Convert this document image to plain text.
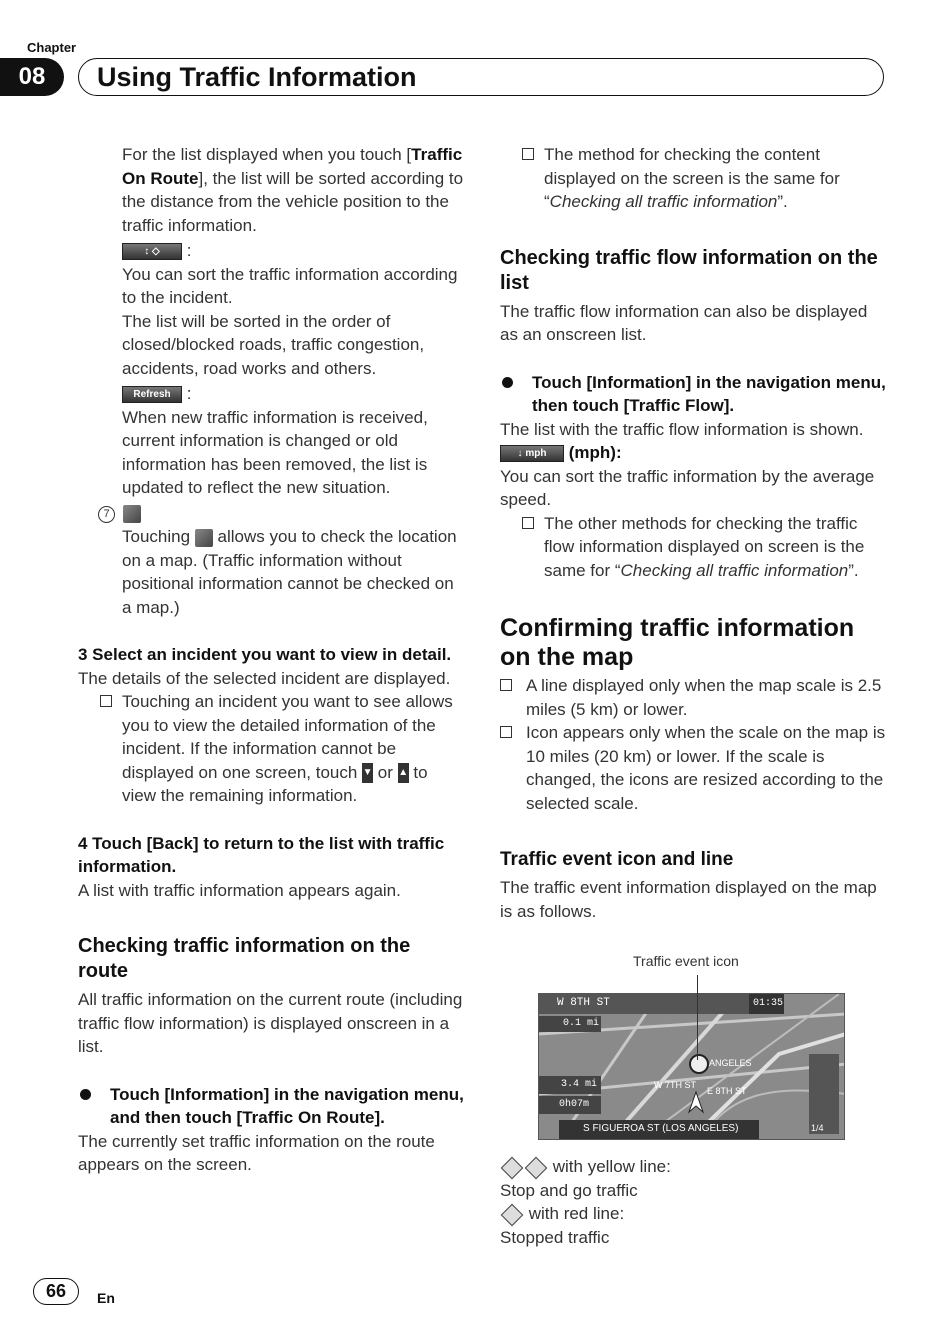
Chapter
08	Using Traffic Information
For the list displayed when you touch [Traffic On Route], the list will be sorted according to the distance from the vehicle position to the traffic information.
↕ ◇ :
You can sort the traffic information according to the incident.
The list will be sorted in the order of closed/blocked roads, traffic congestion, accidents, road works and others.
Refresh :
When new traffic information is received, current information is changed or old information has been removed, the list is updated to reflect the new situation.
7
Touching allows you to check the location on a map. (Traffic information without positional information cannot be checked on a map.)
3 Select an incident you want to view in detail.
The details of the selected incident are displayed.
Touching an incident you want to see allows you to view the detailed information of the incident. If the information cannot be displayed on one screen, touch ▼ or ▲ to view the remaining information.
4 Touch [Back] to return to the list with traffic information.
A list with traffic information appears again.
Checking traffic information on the route
All traffic information on the current route (including traffic flow information) is displayed onscreen in a list.
Touch [Information] in the navigation menu, and then touch [Traffic On Route].
The currently set traffic information on the route appears on the screen.
The method for checking the content displayed on the screen is the same for “Checking all traffic information”.
Checking traffic flow information on the list
The traffic flow information can also be displayed as an onscreen list.
Touch [Information] in the navigation menu, then touch [Traffic Flow].
The list with the traffic flow information is shown.
↓ mph (mph):
You can sort the traffic information by the average speed.
The other methods for checking the traffic flow information displayed on screen is the same for “Checking all traffic information”.
Confirming traffic information on the map
A line displayed only when the map scale is 2.5 miles (5 km) or lower.
Icon appears only when the scale on the map is 10 miles (20 km) or lower. If the scale is changed, the icons are resized according to the selected scale.
Traffic event icon and line
The traffic event information displayed on the map is as follows.
Traffic event icon
W 8TH ST
0.1 mi
01:35
3.4 mi
0h07m
W 7TH ST
E 8TH ST
ANGELES
S FIGUEROA ST (LOS ANGELES)	1/4
with yellow line:
Stop and go traffic
with red line:
Stopped traffic
66	En
